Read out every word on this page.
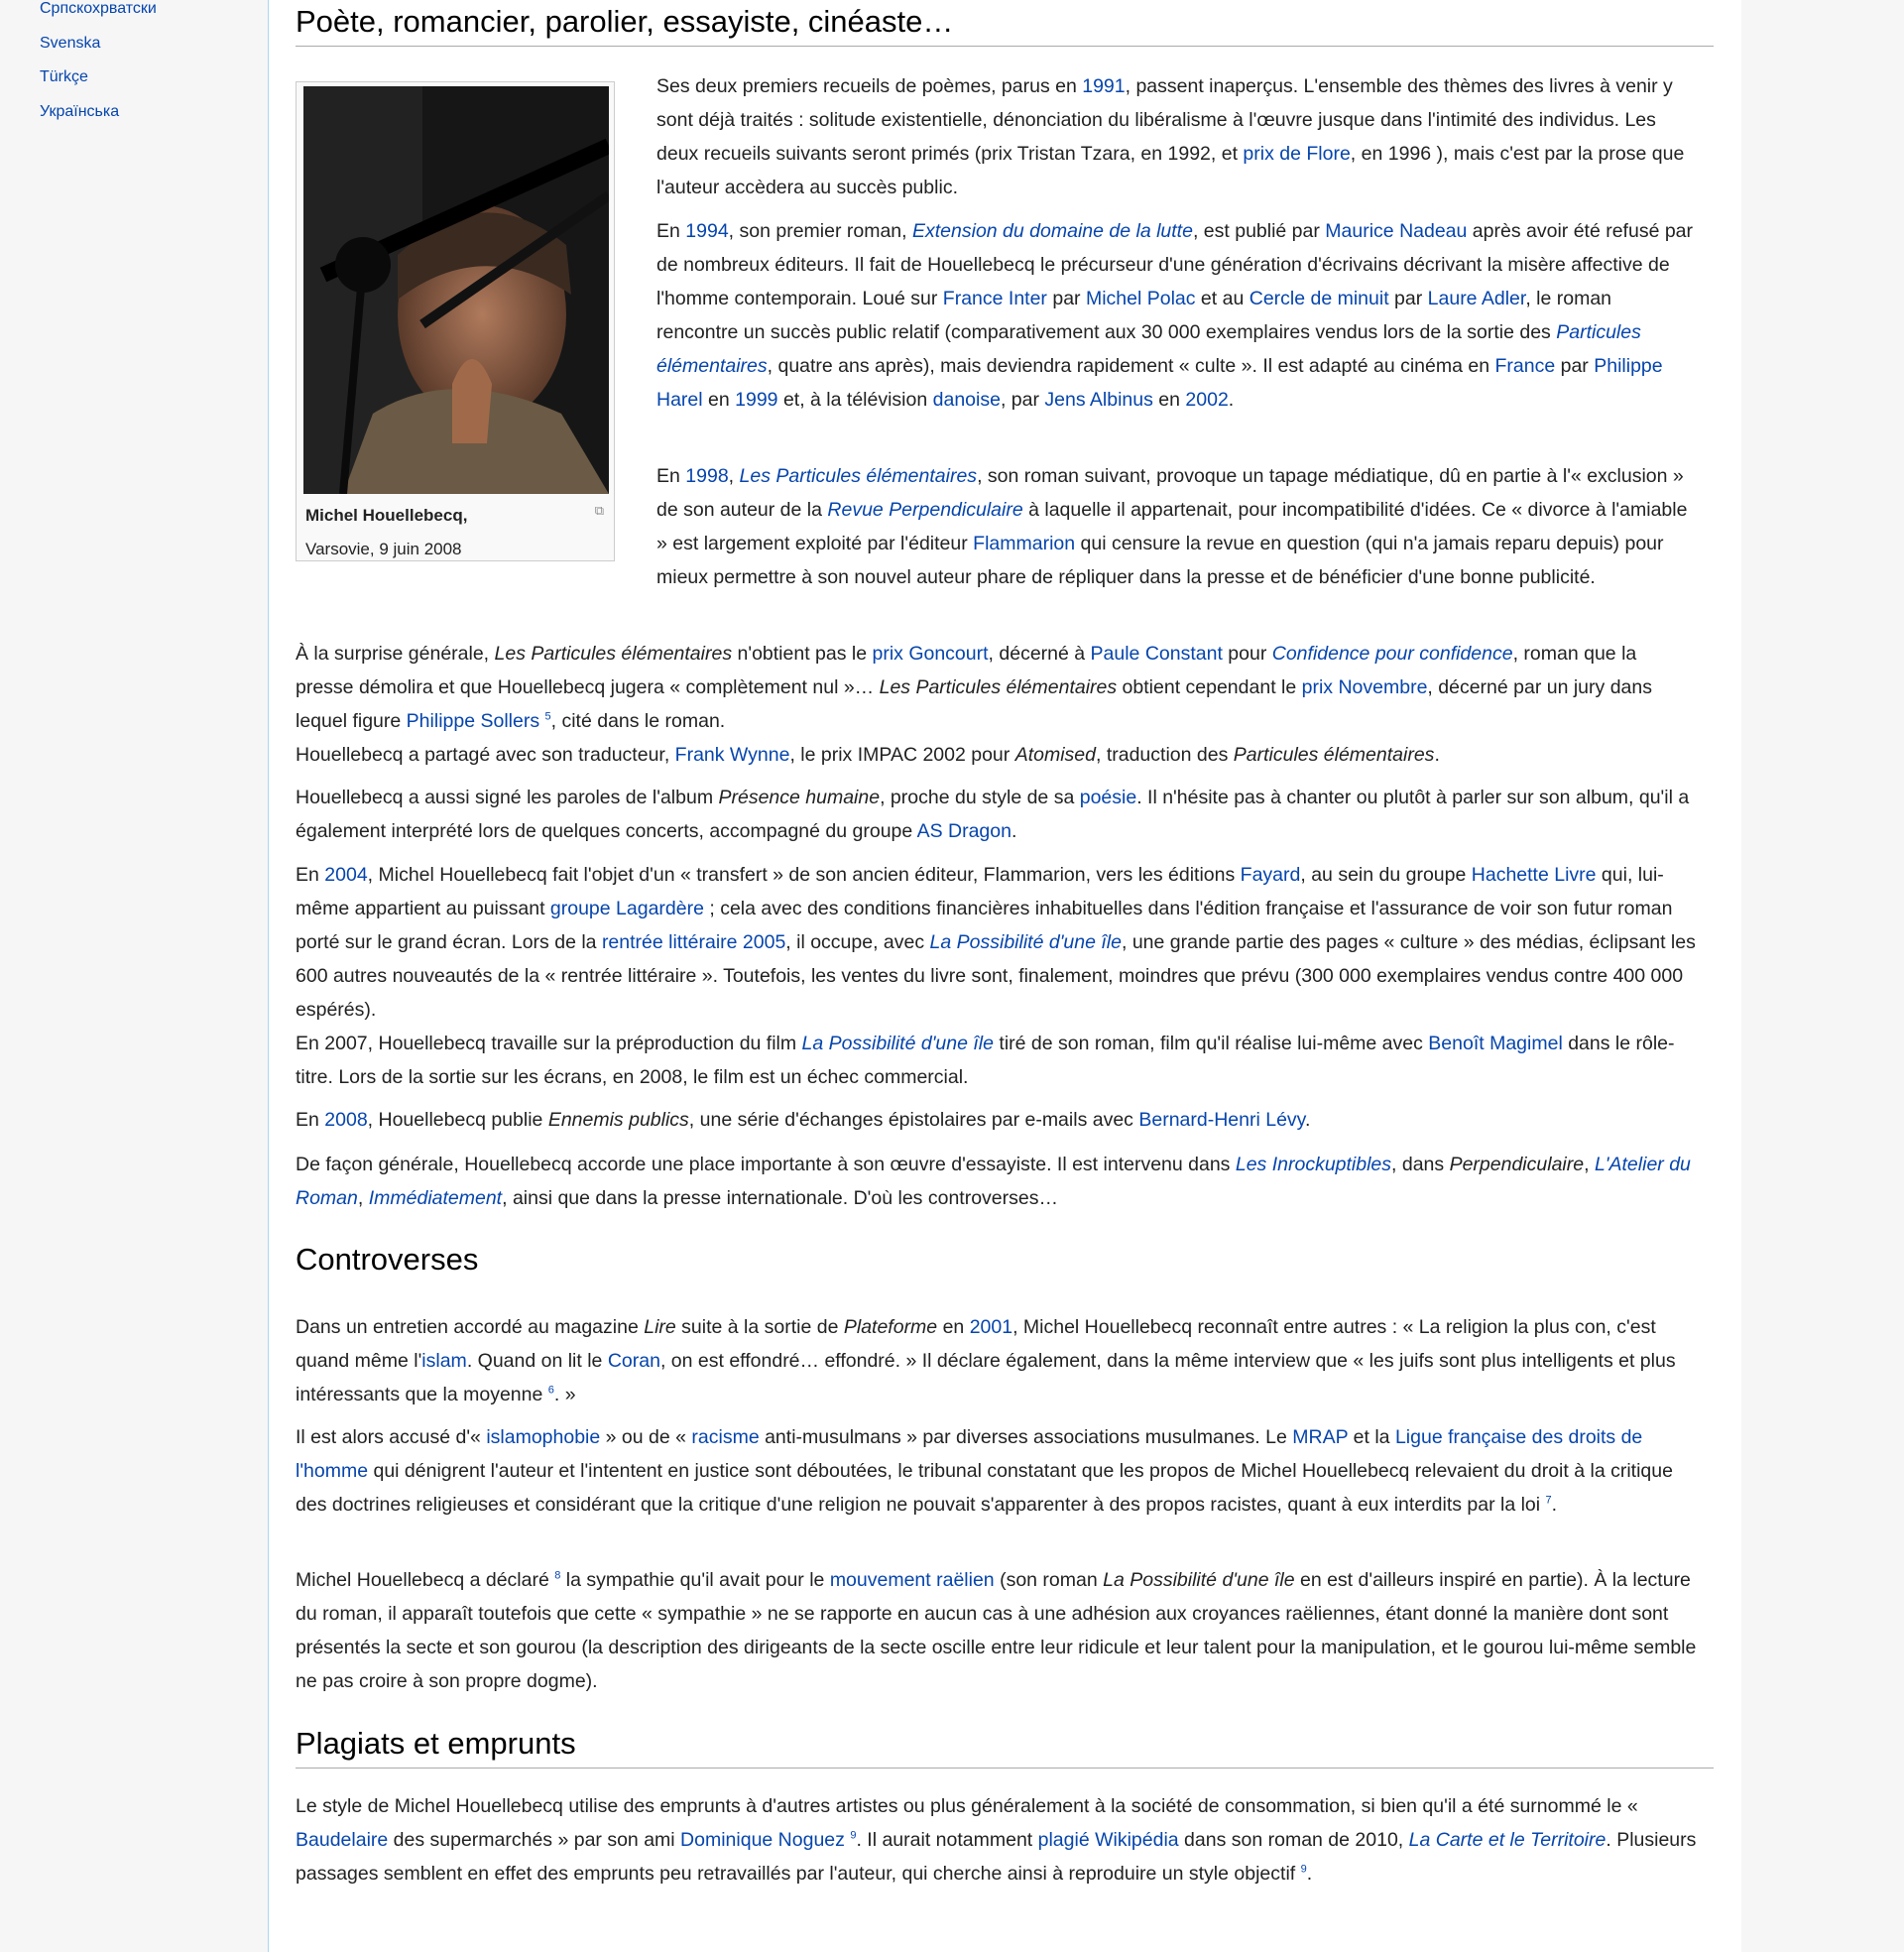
Српскохрватски
Svenska
Türkçe
Українська
Poète, romancier, parolier, essayiste, cinéaste…
Michel Houellebecq,
Varsovie, 9 juin 2008
⧉

Ses deux premiers recueils de poèmes, parus en 1991, passent inaperçus. L'ensemble des thèmes des livres à venir y sont déjà traités : solitude existentielle, dénonciation du libéralisme à l'œuvre jusque dans l'intimité des individus. Les deux recueils suivants seront primés (prix Tristan Tzara, en 1992, et prix de Flore, en 1996 ), mais c'est par la prose que l'auteur accèdera au succès public.

En 1994, son premier roman, Extension du domaine de la lutte, est publié par Maurice Nadeau après avoir été refusé par de nombreux éditeurs. Il fait de Houellebecq le précurseur d'une génération d'écrivains décrivant la misère affective de l'homme contemporain. Loué sur France Inter par Michel Polac et au Cercle de minuit par Laure Adler, le roman rencontre un succès public relatif (comparativement aux 30 000 exemplaires vendus lors de la sortie des Particules élémentaires, quatre ans après), mais deviendra rapidement « culte ». Il est adapté au cinéma en France par Philippe Harel en 1999 et, à la télévision danoise, par Jens Albinus en 2002.

En 1998, Les Particules élémentaires, son roman suivant, provoque un tapage médiatique, dû en partie à l'« exclusion » de son auteur de la Revue Perpendiculaire à laquelle il appartenait, pour incompatibilité d'idées. Ce « divorce à l'amiable » est largement exploité par l'éditeur Flammarion qui censure la revue en question (qui n'a jamais reparu depuis) pour mieux permettre à son nouvel auteur phare de répliquer dans la presse et de bénéficier d'une bonne publicité.

À la surprise générale, Les Particules élémentaires n'obtient pas le prix Goncourt, décerné à Paule Constant pour Confidence pour confidence, roman que la presse démolira et que Houellebecq jugera « complètement nul »… Les Particules élémentaires obtient cependant le prix Novembre, décerné par un jury dans lequel figure Philippe Sollers $^5$, cité dans le roman.

Houellebecq a partagé avec son traducteur, Frank Wynne, le prix IMPAC 2002 pour Atomised, traduction des Particules élémentaires.

Houellebecq a aussi signé les paroles de l'album Présence humaine, proche du style de sa poésie. Il n'hésite pas à chanter ou plutôt à parler sur son album, qu'il a également interprété lors de quelques concerts, accompagné du groupe AS Dragon.

En 2004, Michel Houellebecq fait l'objet d'un « transfert » de son ancien éditeur, Flammarion, vers les éditions Fayard, au sein du groupe Hachette Livre qui, lui-même appartient au puissant groupe Lagardère ; cela avec des conditions financières inhabituelles dans l'édition française et l'assurance de voir son futur roman porté sur le grand écran. Lors de la rentrée littéraire 2005, il occupe, avec La Possibilité d'une île, une grande partie des pages « culture » des médias, éclipsant les 600 autres nouveautés de la « rentrée littéraire ». Toutefois, les ventes du livre sont, finalement, moindres que prévu (300 000 exemplaires vendus contre 400 000 espérés).

En 2007, Houellebecq travaille sur la préproduction du film La Possibilité d'une île tiré de son roman, film qu'il réalise lui-même avec Benoît Magimel dans le rôle-titre. Lors de la sortie sur les écrans, en 2008, le film est un échec commercial.

En 2008, Houellebecq publie Ennemis publics, une série d'échanges épistolaires par e-mails avec Bernard-Henri Lévy.

De façon générale, Houellebecq accorde une place importante à son œuvre d'essayiste. Il est intervenu dans Les Inrockuptibles, dans Perpendiculaire, L'Atelier du Roman, Immédiatement, ainsi que dans la presse internationale. D'où les controverses…

Controverses

Dans un entretien accordé au magazine Lire suite à la sortie de Plateforme en 2001, Michel Houellebecq reconnaît entre autres : « La religion la plus con, c'est quand même l'islam. Quand on lit le Coran, on est effondré… effondré. » Il déclare également, dans la même interview que « les juifs sont plus intelligents et plus intéressants que la moyenne $^6$. »

Il est alors accusé d'« islamophobie » ou de « racisme anti-musulmans » par diverses associations musulmanes. Le MRAP et la Ligue française des droits de l'homme qui dénigrent l'auteur et l'intentent en justice sont déboutées, le tribunal constatant que les propos de Michel Houellebecq relevaient du droit à la critique des doctrines religieuses et considérant que la critique d'une religion ne pouvait s'apparenter à des propos racistes, quant à eux interdits par la loi $^7$.

Michel Houellebecq a déclaré $^8$ la sympathie qu'il avait pour le mouvement raëlien (son roman La Possibilité d'une île en est d'ailleurs inspiré en partie). À la lecture du roman, il apparaît toutefois que cette « sympathie » ne se rapporte en aucun cas à une adhésion aux croyances raëliennes, étant donné la manière dont sont présentés la secte et son gourou (la description des dirigeants de la secte oscille entre leur ridicule et leur talent pour la manipulation, et le gourou lui-même semble ne pas croire à son propre dogme).

Plagiats et emprunts

Le style de Michel Houellebecq utilise des emprunts à d'autres artistes ou plus généralement à la société de consommation, si bien qu'il a été surnommé le « Baudelaire des supermarchés » par son ami Dominique Noguez $^9$. Il aurait notamment plagié Wikipédia dans son roman de 2010, La Carte et le Territoire. Plusieurs passages semblent en effet des emprunts peu retravaillés par l'auteur, qui cherche ainsi à reproduire un style objectif $^9$.
